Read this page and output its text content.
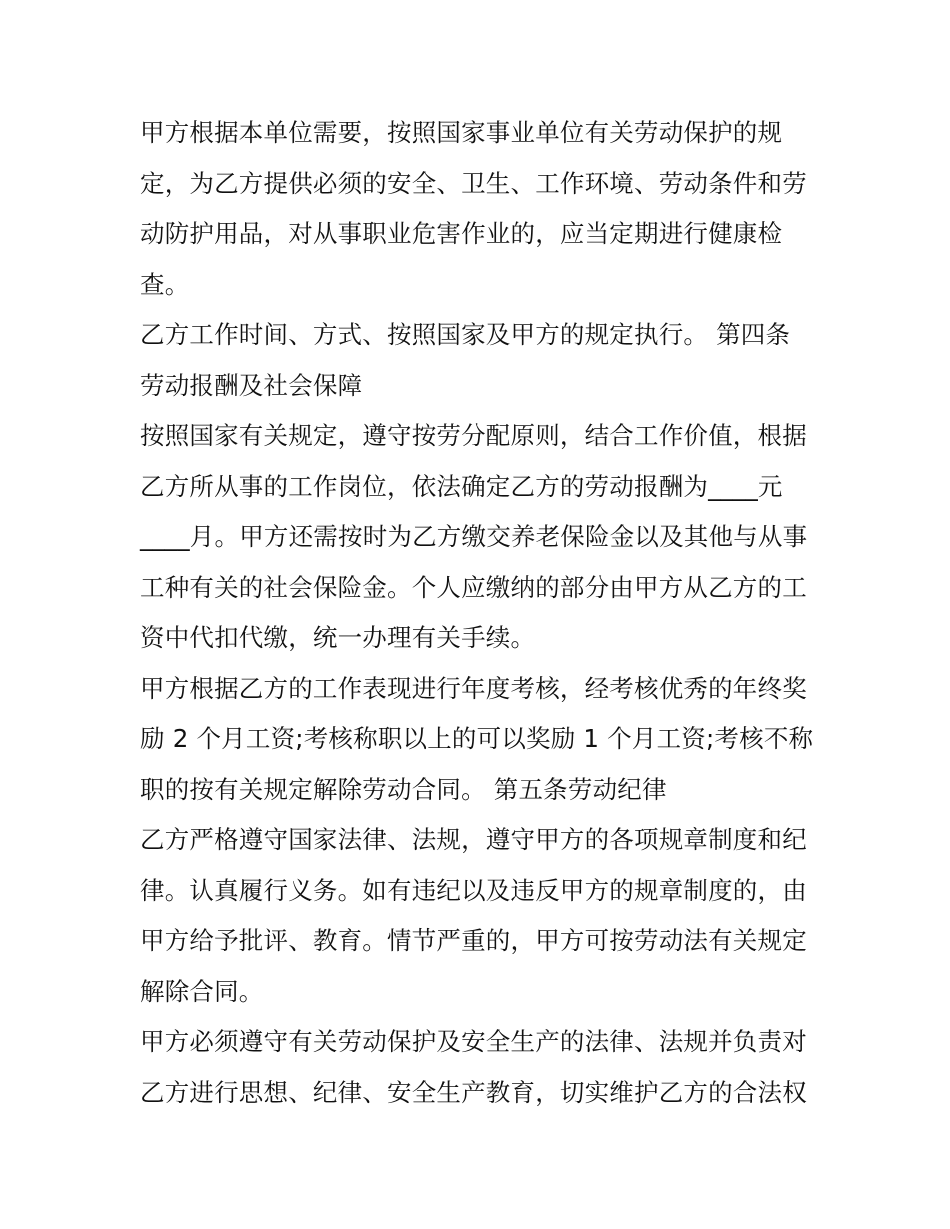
甲方根据本单位需要，按照国家事业单位有关劳动保护的规
定，为乙方提供必须的安全、卫生、工作环境、劳动条件和劳
动防护用品，对从事职业危害作业的，应当定期进行健康检
查。
乙方工作时间、方式、按照国家及甲方的规定执行。 第四条
劳动报酬及社会保障
按照国家有关规定，遵守按劳分配原则，结合工作价值，根据
乙方所从事的工作岗位，依法确定乙方的劳动报酬为____元
____月。甲方还需按时为乙方缴交养老保险金以及其他与从事
工种有关的社会保险金。个人应缴纳的部分由甲方从乙方的工
资中代扣代缴，统一办理有关手续。
甲方根据乙方的工作表现进行年度考核，经考核优秀的年终奖
励 2 个月工资;考核称职以上的可以奖励 1 个月工资;考核不称
职的按有关规定解除劳动合同。 第五条劳动纪律
乙方严格遵守国家法律、法规，遵守甲方的各项规章制度和纪
律。认真履行义务。如有违纪以及违反甲方的规章制度的，由
甲方给予批评、教育。情节严重的，甲方可按劳动法有关规定
解除合同。
甲方必须遵守有关劳动保护及安全生产的法律、法规并负责对
乙方进行思想、纪律、安全生产教育，切实维护乙方的合法权
